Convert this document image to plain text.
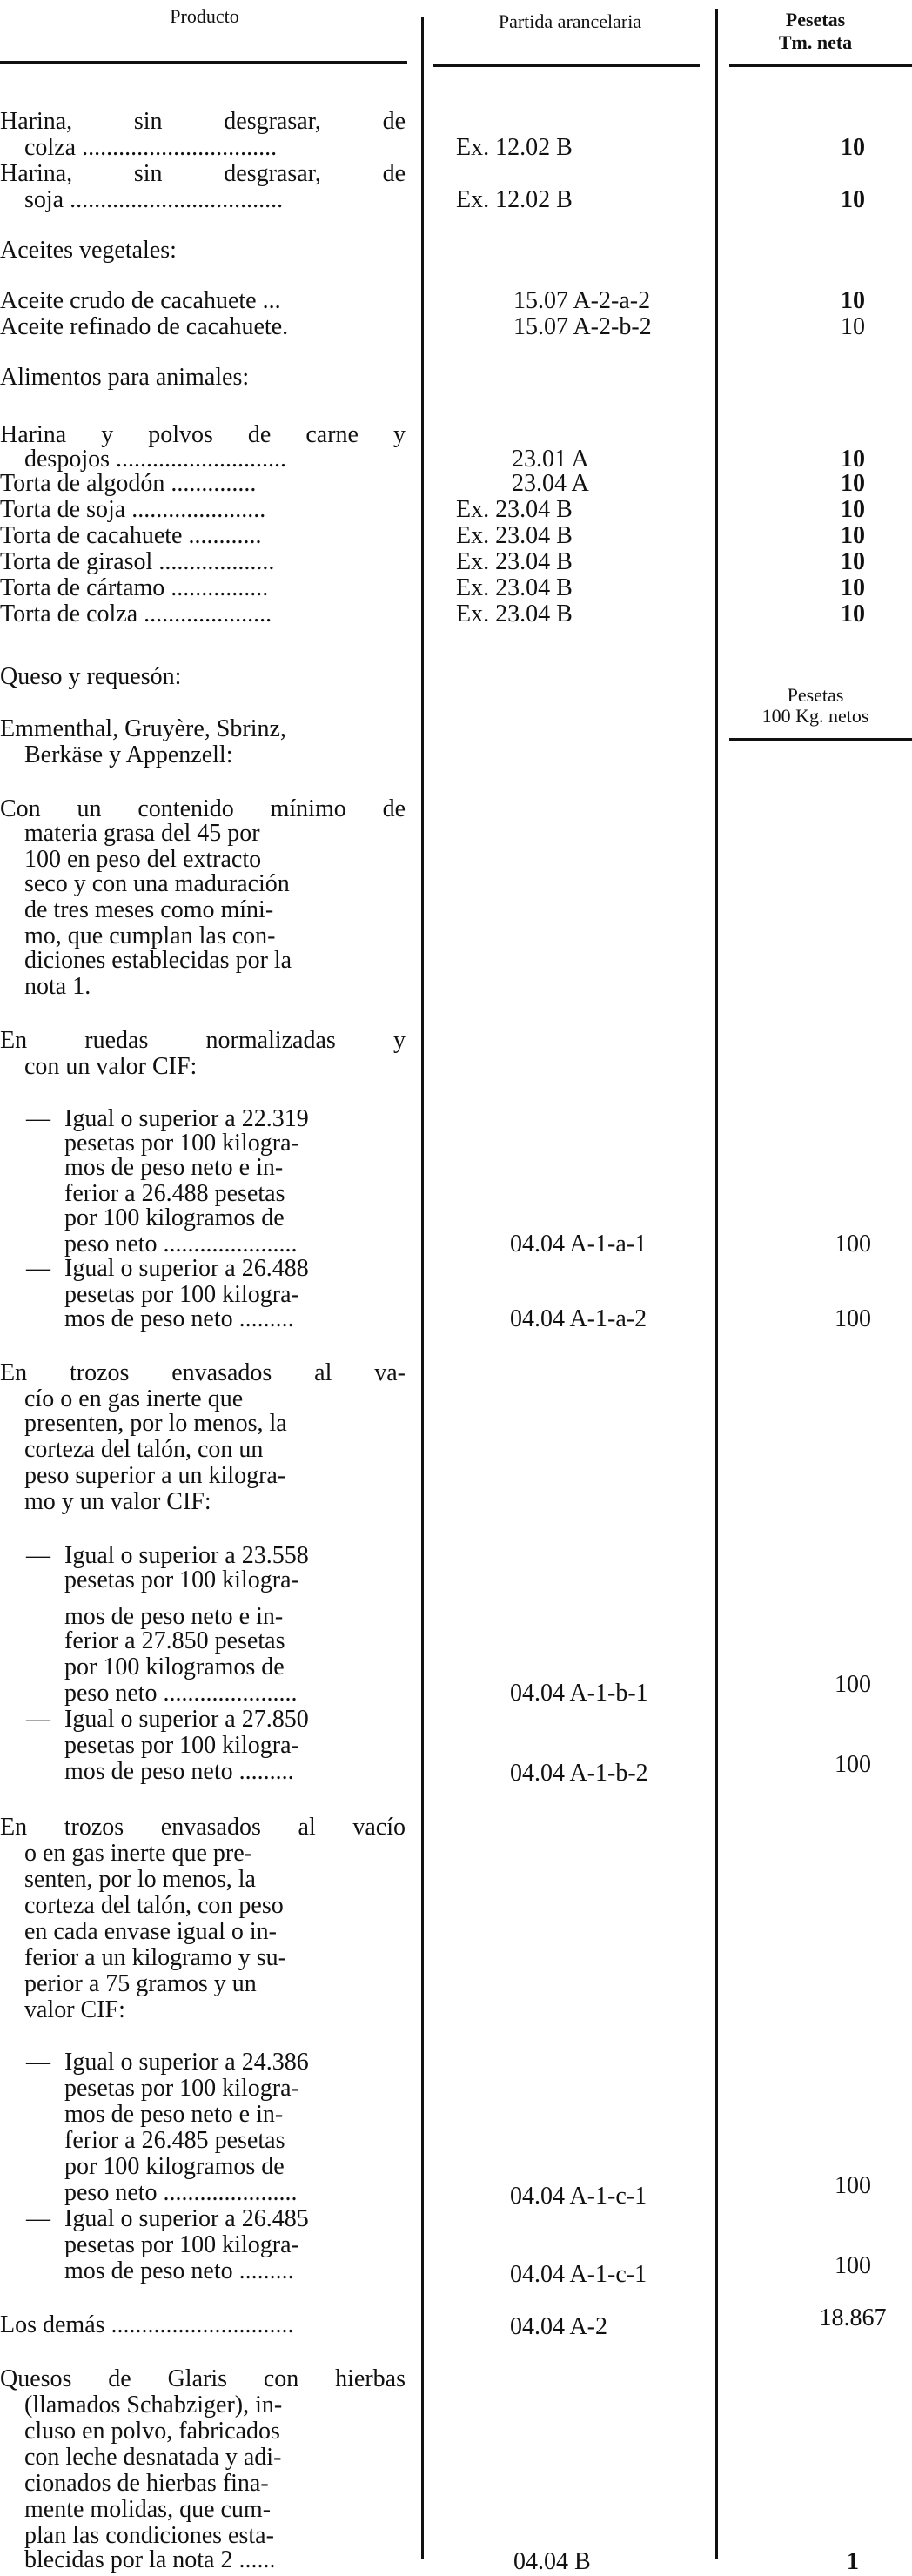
Producto	Partida arancelaria	Pesetas
Tm. neta
Harina, sin desgrasar, de
colza ................................	Ex. 12.02 B	10
Harina, sin desgrasar, de
soja ...................................	Ex. 12.02 B	10
Aceites vegetales:
Aceite crudo de cacahuete ...	15.07 A-2-a-2	10
Aceite refinado de cacahuete.	15.07 A-2-b-2	10
Alimentos para animales:
Harina y polvos de carne y
despojos ............................	23.01 A	10
Torta de algodón ..............	23.04 A	10
Torta de soja ......................	Ex. 23.04 B	10
Torta de cacahuete ............	Ex. 23.04 B	10
Torta de girasol ...................	Ex. 23.04 B	10
Torta de cártamo ................	Ex. 23.04 B	10
Torta de colza .....................	Ex. 23.04 B	10
Queso y requesón:
Pesetas
100 Kg. netos
Emmenthal, Gruyère, Sbrinz,
Berkäse y Appenzell:
Con un contenido mínimo de
materia grasa del 45 por
100 en peso del extracto
seco y con una maduración
de tres meses como míni-
mo, que cumplan las con-
diciones establecidas por la
nota 1.
En ruedas normalizadas y
con un valor CIF:
— Igual o superior a 22.319
pesetas por 100 kilogra-
mos de peso neto e in-
ferior a 26.488 pesetas
por 100 kilogramos de
peso neto ......................	04.04 A-1-a-1	100
— Igual o superior a 26.488
pesetas por 100 kilogra-
mos de peso neto .........	04.04 A-1-a-2	100
En trozos envasados al va-
cío o en gas inerte que
presenten, por lo menos, la
corteza del talón, con un
peso superior a un kilogra-
mo y un valor CIF:
— Igual o superior a 23.558
pesetas por 100 kilogra-
mos de peso neto e in-
ferior a 27.850 pesetas
por 100 kilogramos de
peso neto ......................	04.04 A-1-b-1	100
— Igual o superior a 27.850
pesetas por 100 kilogra-
mos de peso neto .........	04.04 A-1-b-2	100
En trozos envasados al vacío
o en gas inerte que pre-
senten, por lo menos, la
corteza del talón, con peso
en cada envase igual o in-
ferior a un kilogramo y su-
perior a 75 gramos y un
valor CIF:
— Igual o superior a 24.386
pesetas por 100 kilogra-
mos de peso neto e in-
ferior a 26.485 pesetas
por 100 kilogramos de
peso neto ......................	04.04 A-1-c-1	100
— Igual o superior a 26.485
pesetas por 100 kilogra-
mos de peso neto .........	04.04 A-1-c-1	100
Los demás ..............................	04.04 A-2	18.867
Quesos de Glaris con hierbas
(llamados Schabziger), in-
cluso en polvo, fabricados
con leche desnatada y adi-
cionados de hierbas fina-
mente molidas, que cum-
plan las condiciones esta-
blecidas por la nota 2 ......	04.04 B	1
